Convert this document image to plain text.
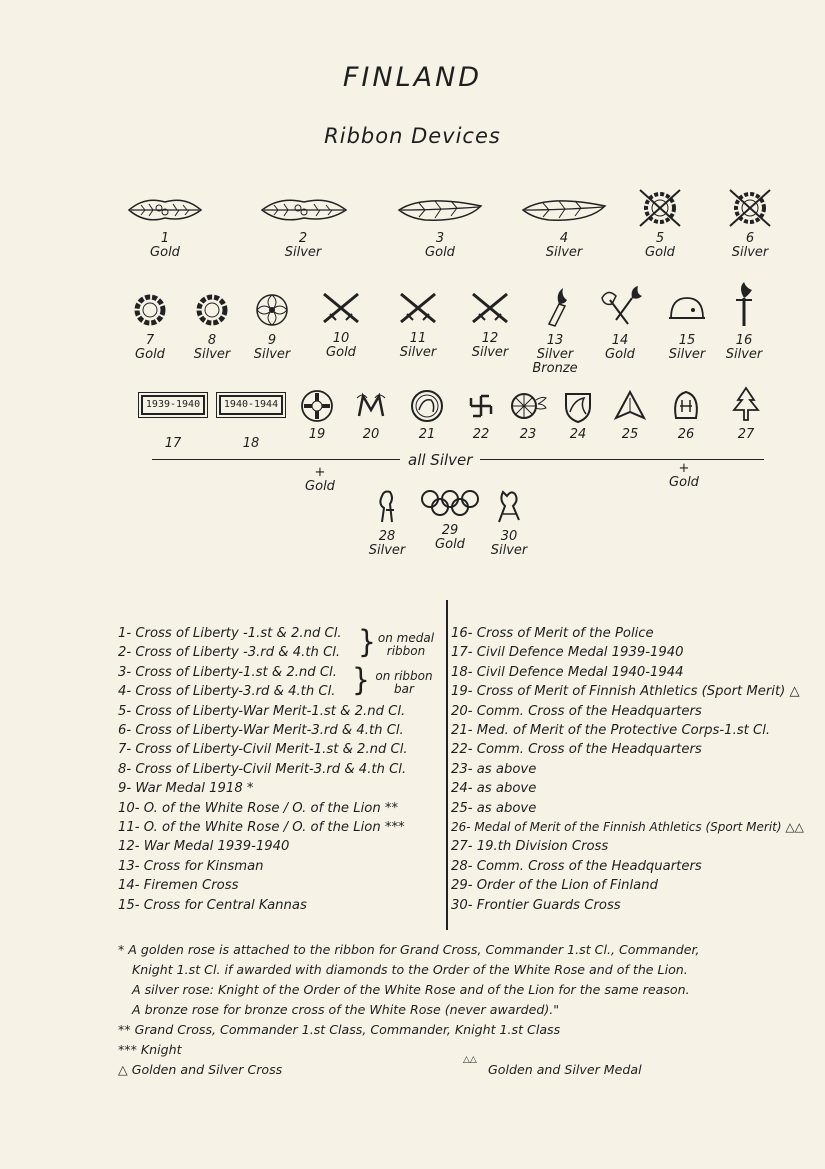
FINLAND
Ribbon Devices
1
Gold
2
Silver
3
Gold
4
Silver
5
Gold
6
Silver
7
Gold
8
Silver
9
Silver
10
Gold
11
Silver
12
Silver
13
Silver
Bronze
14
Gold
15
Silver
16
Silver
1939-1940
17
1940-1944
18
19	20	21	22	23	24	25	26	27
all Silver
+
Gold
+
Gold
28
Silver
29
Gold
30
Silver
1- Cross of Liberty -1.st & 2.nd Cl.
2- Cross of Liberty -3.rd & 4.th Cl.
3- Cross of Liberty-1.st & 2.nd Cl.
4- Cross of Liberty-3.rd & 4.th Cl.
5- Cross of Liberty-War Merit-1.st & 2.nd Cl.
6- Cross of Liberty-War Merit-3.rd & 4.th Cl.
7- Cross of Liberty-Civil Merit-1.st & 2.nd Cl.
8- Cross of Liberty-Civil Merit-3.rd & 4.th Cl.
9- War Medal 1918 *
10- O. of the White Rose / O. of the Lion **
11- O. of the White Rose / O. of the Lion ***
12- War Medal 1939-1940
13- Cross for Kinsman
14- Firemen Cross
15- Cross for Central Kannas
} on medal ribbon
} on ribbon bar
16- Cross of Merit of the Police
17- Civil Defence Medal 1939-1940
18- Civil Defence Medal 1940-1944
19- Cross of Merit of Finnish Athletics (Sport Merit) △
20- Comm. Cross of the Headquarters
21- Med. of Merit of the Protective Corps-1.st Cl.
22- Comm. Cross of the Headquarters
23- as above
24- as above
25- as above
26- Medal of Merit of the Finnish Athletics (Sport Merit) △△
27- 19.th Division Cross
28- Comm. Cross of the Headquarters
29- Order of the Lion of Finland
30- Frontier Guards Cross
* A golden rose is attached to the ribbon for Grand Cross, Commander 1.st Cl., Commander,
Knight 1.st Cl. if awarded with diamonds to the Order of the White Rose and of the Lion.
A silver rose: Knight of the Order of the White Rose and of the Lion for the same reason.
A bronze rose for bronze cross of the White Rose (never awarded)."
** Grand Cross, Commander 1.st Class, Commander, Knight 1.st Class
*** Knight
△ Golden and Silver Cross
△△
Golden and Silver Medal
